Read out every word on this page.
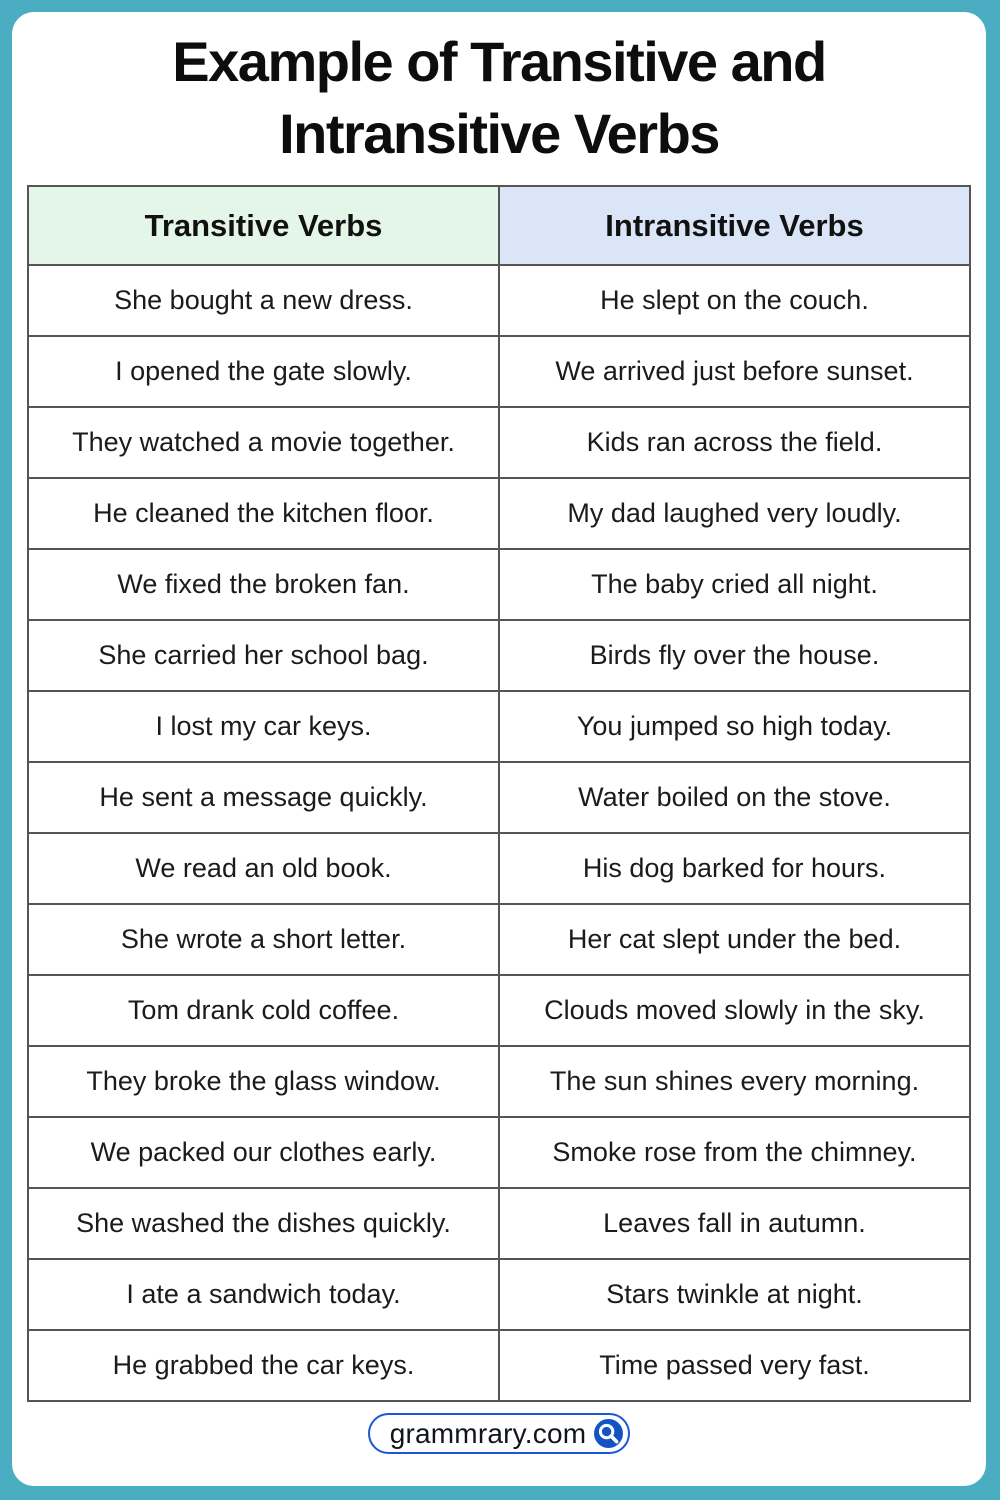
Example of Transitive and Intransitive Verbs
Transitive Verbs	Intransitive Verbs
She bought a new dress.	He slept on the couch.
I opened the gate slowly.	We arrived just before sunset.
They watched a movie together.	Kids ran across the field.
He cleaned the kitchen floor.	My dad laughed very loudly.
We fixed the broken fan.	The baby cried all night.
She carried her school bag.	Birds fly over the house.
I lost my car keys.	You jumped so high today.
He sent a message quickly.	Water boiled on the stove.
We read an old book.	His dog barked for hours.
She wrote a short letter.	Her cat slept under the bed.
Tom drank cold coffee.	Clouds moved slowly in the sky.
They broke the glass window.	The sun shines every morning.
We packed our clothes early.	Smoke rose from the chimney.
She washed the dishes quickly.	Leaves fall in autumn.
I ate a sandwich today.	Stars twinkle at night.
He grabbed the car keys.	Time passed very fast.
grammrary.com
